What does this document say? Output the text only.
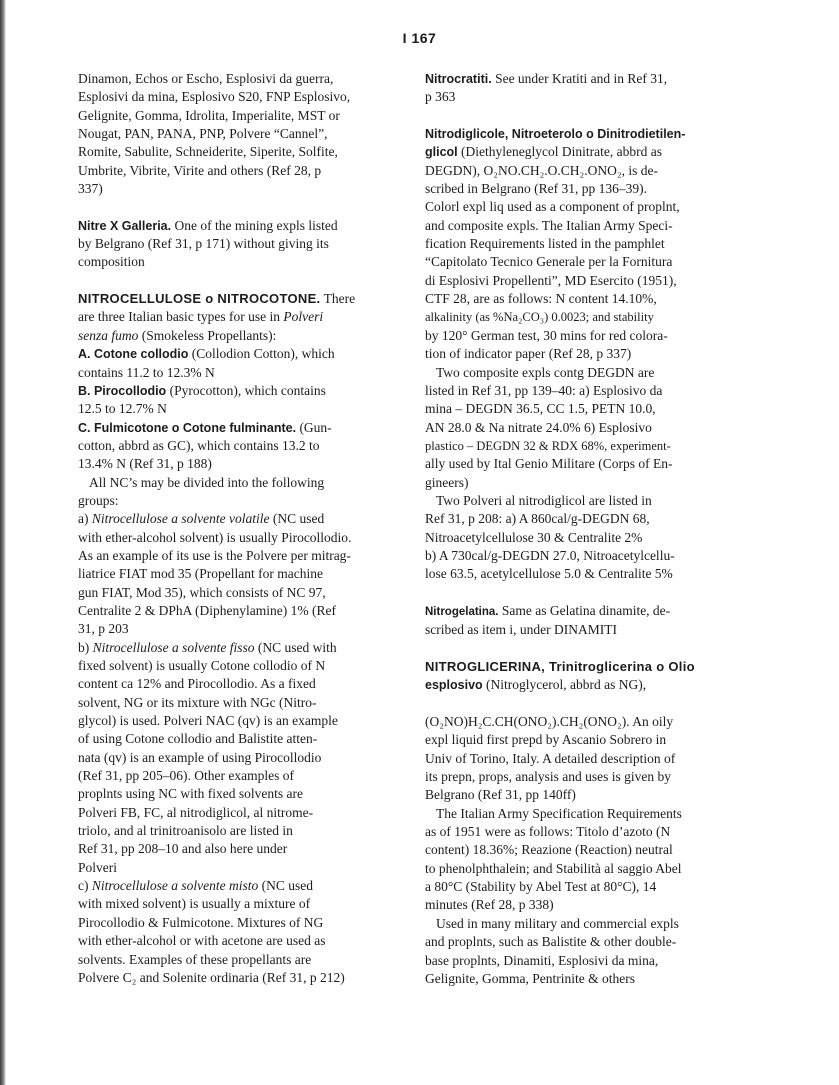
I 167
Dinamon, Echos or Escho, Esplosivi da guerra,
Esplosivi da mina, Esplosivo S20, FNP Esplosivo,
Gelignite, Gomma, Idrolita, Imperialite, MST or
Nougat, PAN, PANA, PNP, Polvere “Cannel”,
Romite, Sabulite, Schneiderite, Siperite, Solfite,
Umbrite, Vibrite, Virite and others (Ref 28, p
337)
Nitre X Galleria. One of the mining expls listed
by Belgrano (Ref 31, p 171) without giving its
composition
NITROCELLULOSE o NITROCOTONE. There
are three Italian basic types for use in Polveri
senza fumo (Smokeless Propellants):
A. Cotone collodio (Collodion Cotton), which
contains 11.2 to 12.3% N
B. Pirocollodio (Pyrocotton), which contains
12.5 to 12.7% N
C. Fulmicotone o Cotone fulminante. (Gun-
cotton, abbrd as GC), which contains 13.2 to
13.4% N (Ref 31, p 188)
All NC’s may be divided into the following
groups:
a) Nitrocellulose a solvente volatile (NC used
with ether-alcohol solvent) is usually Pirocollodio.
As an example of its use is the Polvere per mitrag-
liatrice FIAT mod 35 (Propellant for machine
gun FIAT, Mod 35), which consists of NC 97,
Centralite 2 & DPhA (Diphenylamine) 1% (Ref
31, p 203
b) Nitrocellulose a solvente fisso (NC used with
fixed solvent) is usually Cotone collodio of N
content ca 12% and Pirocollodio. As a fixed
solvent, NG or its mixture with NGc (Nitro-
glycol) is used. Polveri NAC (qv) is an example
of using Cotone collodio and Balistite atten-
nata (qv) is an example of using Pirocollodio
(Ref 31, pp 205–06). Other examples of
proplnts using NC with fixed solvents are
Polveri FB, FC, al nitrodiglicol, al nitrome-
triolo, and al trinitroanisolo are listed in
Ref 31, pp 208–10 and also here under
Polveri
c) Nitrocellulose a solvente misto (NC used
with mixed solvent) is usually a mixture of
Pirocollodio & Fulmicotone. Mixtures of NG
with ether-alcohol or with acetone are used as
solvents. Examples of these propellants are
Polvere C₂ and Solenite ordinaria (Ref 31, p 212)
Nitrocratiti. See under Kratiti and in Ref 31,
p 363
Nitrodiglicole, Nitroeterolo o Dinitrodietilen-
glicol (Diethyleneglycol Dinitrate, abbrd as
DEGDN), O₂NO.CH₂.O.CH₂.ONO₂, is de-
scribed in Belgrano (Ref 31, pp 136–39).
Colorl expl liq used as a component of proplnt,
and composite expls. The Italian Army Speci-
fication Requirements listed in the pamphlet
“Capitolato Tecnico Generale per la Fornitura
di Esplosivi Propellenti”, MD Esercito (1951),
CTF 28, are as follows: N content 14.10%,
alkalinity (as %Na₂CO₃) 0.0023; and stability
by 120° German test, 30 mins for red colora-
tion of indicator paper (Ref 28, p 337)
Two composite expls contg DEGDN are
listed in Ref 31, pp 139–40: a) Esplosivo da
mina – DEGDN 36.5, CC 1.5, PETN 10.0,
AN 28.0 & Na nitrate 24.0% 6) Esplosivo
plastico – DEGDN 32 & RDX 68%, experiment-
ally used by Ital Genio Militare (Corps of En-
gineers)
Two Polveri al nitrodiglicol are listed in
Ref 31, p 208: a) A 860cal/g-DEGDN 68,
Nitroacetylcellulose 30 & Centralite 2%
b) A 730cal/g-DEGDN 27.0, Nitroacetylcellu-
lose 63.5, acetylcellulose 5.0 & Centralite 5%
Nitrogelatina. Same as Gelatina dinamite, de-
scribed as item i, under DINAMITI
NITROGLICERINA, Trinitroglicerina o Olio
esplosivo (Nitroglycerol, abbrd as NG),
(O₂NO)H₂C.CH(ONO₂).CH₂(ONO₂). An oily
expl liquid first prepd by Ascanio Sobrero in
Univ of Torino, Italy. A detailed description of
its prepn, props, analysis and uses is given by
Belgrano (Ref 31, pp 140ff)
The Italian Army Specification Requirements
as of 1951 were as follows: Titolo d’azoto (N
content) 18.36%; Reazione (Reaction) neutral
to phenolphthalein; and Stabilità al saggio Abel
a 80°C (Stability by Abel Test at 80°C), 14
minutes (Ref 28, p 338)
Used in many military and commercial expls
and proplnts, such as Balistite & other double-
base proplnts, Dinamiti, Esplosivi da mina,
Gelignite, Gomma, Pentrinite & others
